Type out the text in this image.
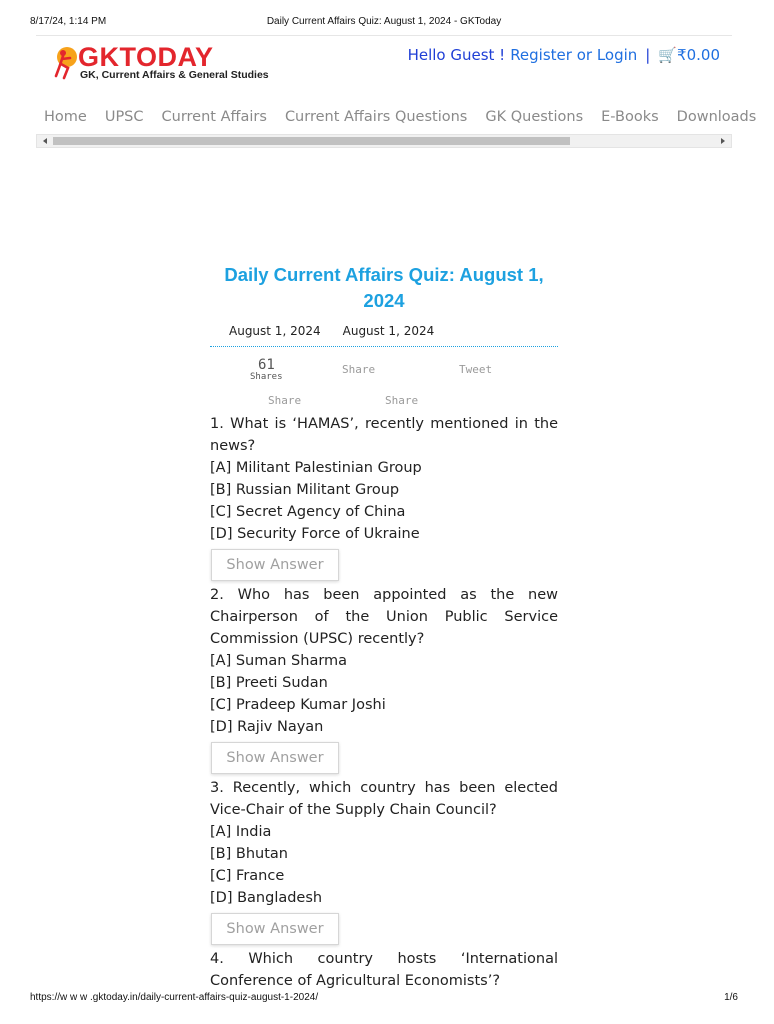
8/17/24, 1:14 PM	Daily Current Affairs Quiz: August 1, 2024 - GKToday
GKTODAY
GK, Current Affairs & General Studies
Hello Guest ! Register or Login | 🛒₹0.00
Home UPSC Current Affairs Current Affairs Questions GK Questions E-Books Downloads
Daily Current Affairs Quiz: August 1, 2024
August 1, 2024 August 1, 2024
61
Shares
Share	Tweet
Share	Share
1. What is ‘HAMAS’, recently mentioned in the news?
[A] Militant Palestinian Group
[B] Russian Militant Group
[C] Secret Agency of China
[D] Security Force of Ukraine
Show Answer
2. Who has been appointed as the new Chairperson of the Union Public Service Commission (UPSC) recently?
[A] Suman Sharma
[B] Preeti Sudan
[C] Pradeep Kumar Joshi
[D] Rajiv Nayan
Show Answer
3. Recently, which country has been elected Vice-Chair of the Supply Chain Council?
[A] India
[B] Bhutan
[C] France
[D] Bangladesh
Show Answer
4. Which country hosts ‘International Conference of Agricultural Economists’?
https://w w w .gktoday.in/daily-current-affairs-quiz-august-1-2024/	1/6
